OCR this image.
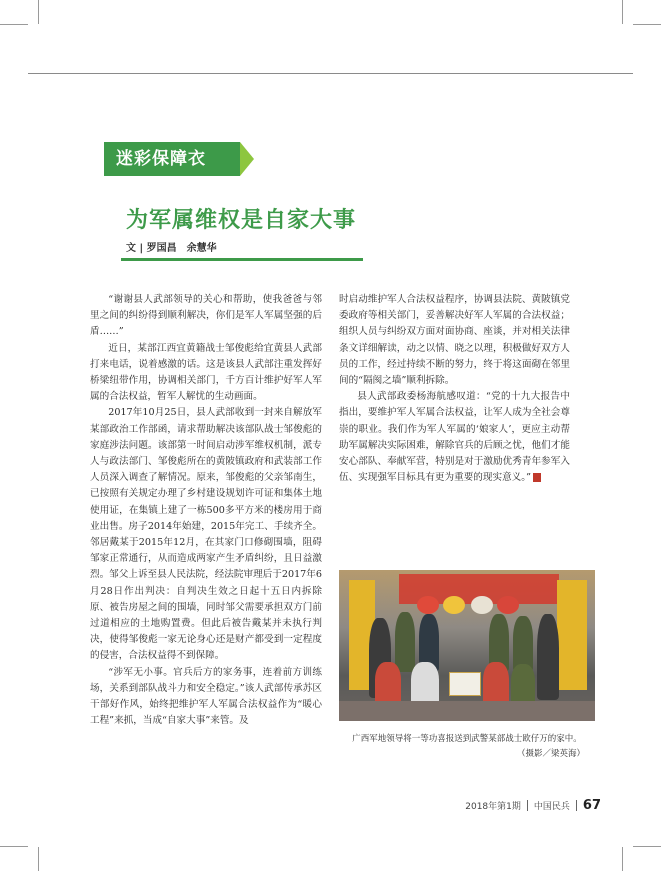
迷彩保障衣
为军属维权是自家大事
文 | 罗国昌　余慧华

“谢谢县人武部领导的关心和帮助，使我爸爸与邻里之间的纠纷得到顺利解决，你们是军人军属坚强的后盾……”

近日，某部江西宜黄籍战士邹俊彪给宜黄县人武部打来电话，说着感激的话。这是该县人武部注重发挥好桥梁纽带作用，协调相关部门，千方百计维护好军人军属的合法权益，暂军人解忧的生动画面。

2017年10月25日，县人武部收到一封来自解放军某部政治工作部函，请求帮助解决该部队战士邹俊彪的家庭涉法问题。该部第一时间启动涉军维权机制，派专人与政法部门、邹俊彪所在的黄陂镇政府和武装部工作人员深入调查了解情况。原来，邹俊彪的父亲邹南生，已按照有关规定办理了乡村建设规划许可证和集体土地使用证，在集镇上建了一栋500多平方米的楼房用于商业出售。房子2014年始建，2015年完工、手续齐全。邻居戴某于2015年12月，在其家门口修砌围墙，阻碍邹家正常通行，从而造成两家产生矛盾纠纷，且日益激烈。邹父上诉至县人民法院，经法院审理后于2017年6月28日作出判决：自判决生效之日起十五日内拆除原、被告房屋之间的围墙，同时邹父需要承担双方门前过道相应的土地购置费。但此后被告戴某并未执行判决，使得邹俊彪一家无论身心还是财产都受到一定程度的侵害，合法权益得不到保障。

“涉军无小事。官兵后方的家务事，连着前方训练场，关系到部队战斗力和安全稳定。”该人武部传承苏区干部好作风，始终把维护军人军属合法权益作为“暖心工程”来抓，当成“自家大事”来管。及

时启动维护军人合法权益程序，协调县法院、黄陂镇党委政府等相关部门，妥善解决好军人军属的合法权益；组织人员与纠纷双方面对面协商、座谈，并对相关法律条文详细解读，动之以情、晓之以理，积极做好双方人员的工作，经过持续不断的努力，终于将这面砌在邻里间的“隔阂之墙”顺利拆除。

县人武部政委杨海航感叹道：“党的十九大报告中指出，要维护军人军属合法权益，让军人成为全社会尊崇的职业。我们作为军人军属的‘娘家人’，更应主动帮助军属解决实际困难，解除官兵的后顾之忧，他们才能安心部队、奉献军营，特别是对于激励优秀青年参军入伍、实现强军目标具有更为重要的现实意义。”

广西军地领导将一等功喜报送到武警某部战士欧仔万的家中。
（摄影／梁英海）
2018年第1期 中国民兵 67
